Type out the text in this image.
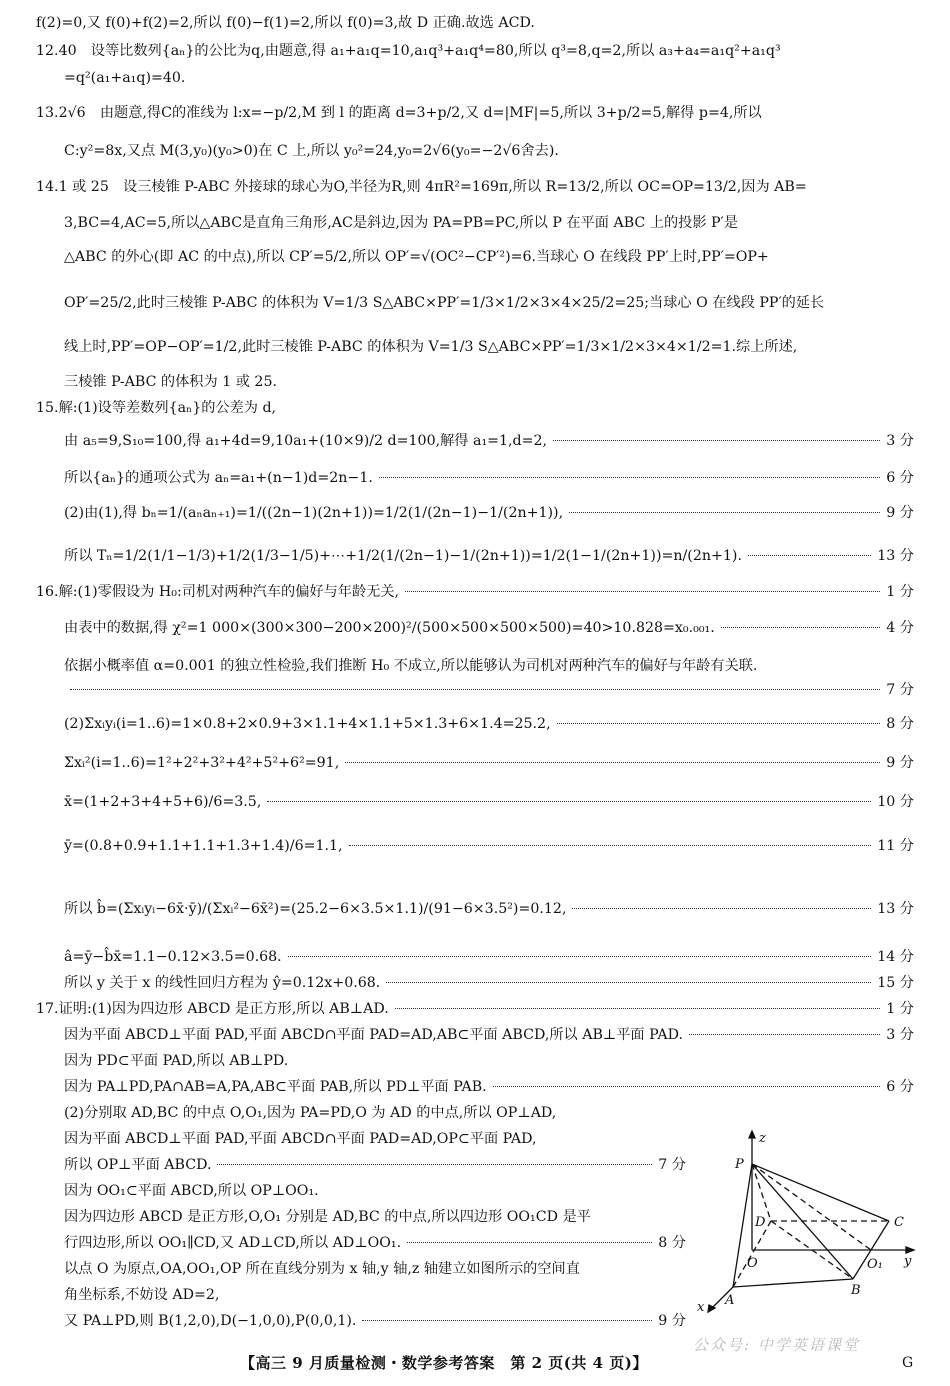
f(2)=0,又 f(0)+f(2)=2,所以 f(0)−f(1)=2,所以 f(0)=3,故 D 正确.故选 ACD.
12.40　设等比数列{aₙ}的公比为q,由题意,得 a₁+a₁q=10,a₁q³+a₁q⁴=80,所以 q³=8,q=2,所以 a₃+a₄=a₁q²+a₁q³
=q²(a₁+a₁q)=40.
13.2√6　由题意,得C的准线为 l:x=−p/2,M 到 l 的距离 d=3+p/2,又 d=|MF|=5,所以 3+p/2=5,解得 p=4,所以
C:y²=8x,又点 M(3,y₀)(y₀>0)在 C 上,所以 y₀²=24,y₀=2√6(y₀=−2√6舍去).
14.1 或 25　设三棱锥 P-ABC 外接球的球心为O,半径为R,则 4πR²=169π,所以 R=13/2,所以 OC=OP=13/2,因为 AB=
3,BC=4,AC=5,所以△ABC是直角三角形,AC是斜边,因为 PA=PB=PC,所以 P 在平面 ABC 上的投影 P′是
△ABC 的外心(即 AC 的中点),所以 CP′=5/2,所以 OP′=√(OC²−CP′²)=6.当球心 O 在线段 PP′上时,PP′=OP+
OP′=25/2,此时三棱锥 P-ABC 的体积为 V=1/3 S△ABC×PP′=1/3×1/2×3×4×25/2=25;当球心 O 在线段 PP′的延长
线上时,PP′=OP−OP′=1/2,此时三棱锥 P-ABC 的体积为 V=1/3 S△ABC×PP′=1/3×1/2×3×4×1/2=1.综上所述,
三棱锥 P-ABC 的体积为 1 或 25.
15.解:(1)设等差数列{aₙ}的公差为 d,
由 a₅=9,S₁₀=100,得 a₁+4d=9,10a₁+(10×9)/2 d=100,解得 a₁=1,d=2,	3 分
所以{aₙ}的通项公式为 aₙ=a₁+(n−1)d=2n−1.	6 分
(2)由(1),得 bₙ=1/(aₙaₙ₊₁)=1/((2n−1)(2n+1))=1/2(1/(2n−1)−1/(2n+1)),	9 分
所以 Tₙ=1/2(1/1−1/3)+1/2(1/3−1/5)+⋯+1/2(1/(2n−1)−1/(2n+1))=1/2(1−1/(2n+1))=n/(2n+1).	13 分
16.解:(1)零假设为 H₀:司机对两种汽车的偏好与年龄无关,	1 分
由表中的数据,得 χ²=1 000×(300×300−200×200)²/(500×500×500×500)=40>10.828=x₀.₀₀₁.	4 分
依据小概率值 α=0.001 的独立性检验,我们推断 H₀ 不成立,所以能够认为司机对两种汽车的偏好与年龄有关联.
7 分
(2)Σxᵢyᵢ(i=1..6)=1×0.8+2×0.9+3×1.1+4×1.1+5×1.3+6×1.4=25.2,	8 分
Σxᵢ²(i=1..6)=1²+2²+3²+4²+5²+6²=91,	9 分
x̄=(1+2+3+4+5+6)/6=3.5,	10 分
ȳ=(0.8+0.9+1.1+1.1+1.3+1.4)/6=1.1,	11 分
所以 b̂=(Σxᵢyᵢ−6x̄·ȳ)/(Σxᵢ²−6x̄²)=(25.2−6×3.5×1.1)/(91−6×3.5²)=0.12,	13 分
â=ȳ−b̂x̄=1.1−0.12×3.5=0.68.	14 分
所以 y 关于 x 的线性回归方程为 ŷ=0.12x+0.68.	15 分
17.证明:(1)因为四边形 ABCD 是正方形,所以 AB⊥AD.	1 分
因为平面 ABCD⊥平面 PAD,平面 ABCD∩平面 PAD=AD,AB⊂平面 ABCD,所以 AB⊥平面 PAD.	3 分
因为 PD⊂平面 PAD,所以 AB⊥PD.
因为 PA⊥PD,PA∩AB=A,PA,AB⊂平面 PAB,所以 PD⊥平面 PAB.	6 分
(2)分别取 AD,BC 的中点 O,O₁,因为 PA=PD,O 为 AD 的中点,所以 OP⊥AD,
因为平面 ABCD⊥平面 PAD,平面 ABCD∩平面 PAD=AD,OP⊂平面 PAD,
所以 OP⊥平面 ABCD.	7 分
因为 OO₁⊂平面 ABCD,所以 OP⊥OO₁.
因为四边形 ABCD 是正方形,O,O₁ 分别是 AD,BC 的中点,所以四边形 OO₁CD 是平
行四边形,所以 OO₁∥CD,又 AD⊥CD,所以 AD⊥OO₁.	8 分
以点 O 为原点,OA,OO₁,OP 所在直线分别为 x 轴,y 轴,z 轴建立如图所示的空间直
角坐标系,不妨设 AD=2,
又 PA⊥PD,则 B(1,2,0),D(−1,0,0),P(0,0,1).	9 分
z
P
D	C
O	O₁ y
A
B
x
公众号: 中学英语课堂
【高三 9 月质量检测・数学参考答案　第 2 页(共 4 页)】	G
